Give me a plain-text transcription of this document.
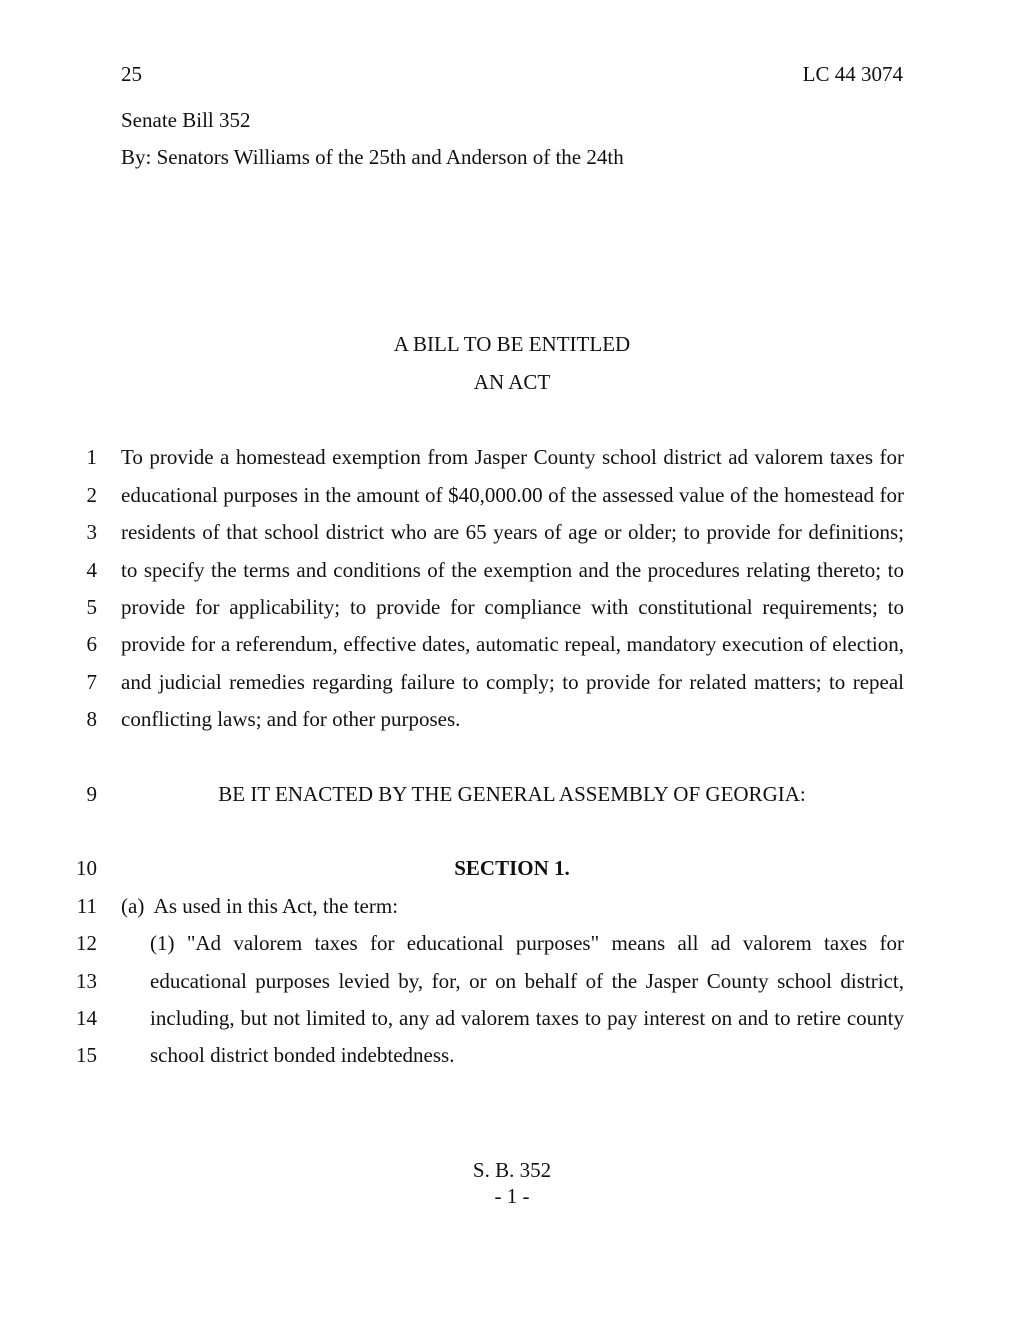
25	LC 44 3074
Senate Bill 352
By: Senators Williams of the 25th and Anderson of the 24th
A BILL TO BE ENTITLED
AN ACT
1 To provide a homestead exemption from Jasper County school district ad valorem taxes for
2 educational purposes in the amount of $40,000.00 of the assessed value of the homestead for
3 residents of that school district who are 65 years of age or older; to provide for definitions;
4 to specify the terms and conditions of the exemption and the procedures relating thereto; to
5 provide for applicability; to provide for compliance with constitutional requirements; to
6 provide for a referendum, effective dates, automatic repeal, mandatory execution of election,
7 and judicial remedies regarding failure to comply; to provide for related matters; to repeal
8 conflicting laws; and for other purposes.
9	BE IT ENACTED BY THE GENERAL ASSEMBLY OF GEORGIA:
10	SECTION 1.
11 (a)  As used in this Act, the term:
12	(1) "Ad valorem taxes for educational purposes" means all ad valorem taxes for
13	educational purposes levied by, for, or on behalf of the Jasper County school district,
14	including, but not limited to, any ad valorem taxes to pay interest on and to retire county
15	school district bonded indebtedness.
S. B. 352
- 1 -
